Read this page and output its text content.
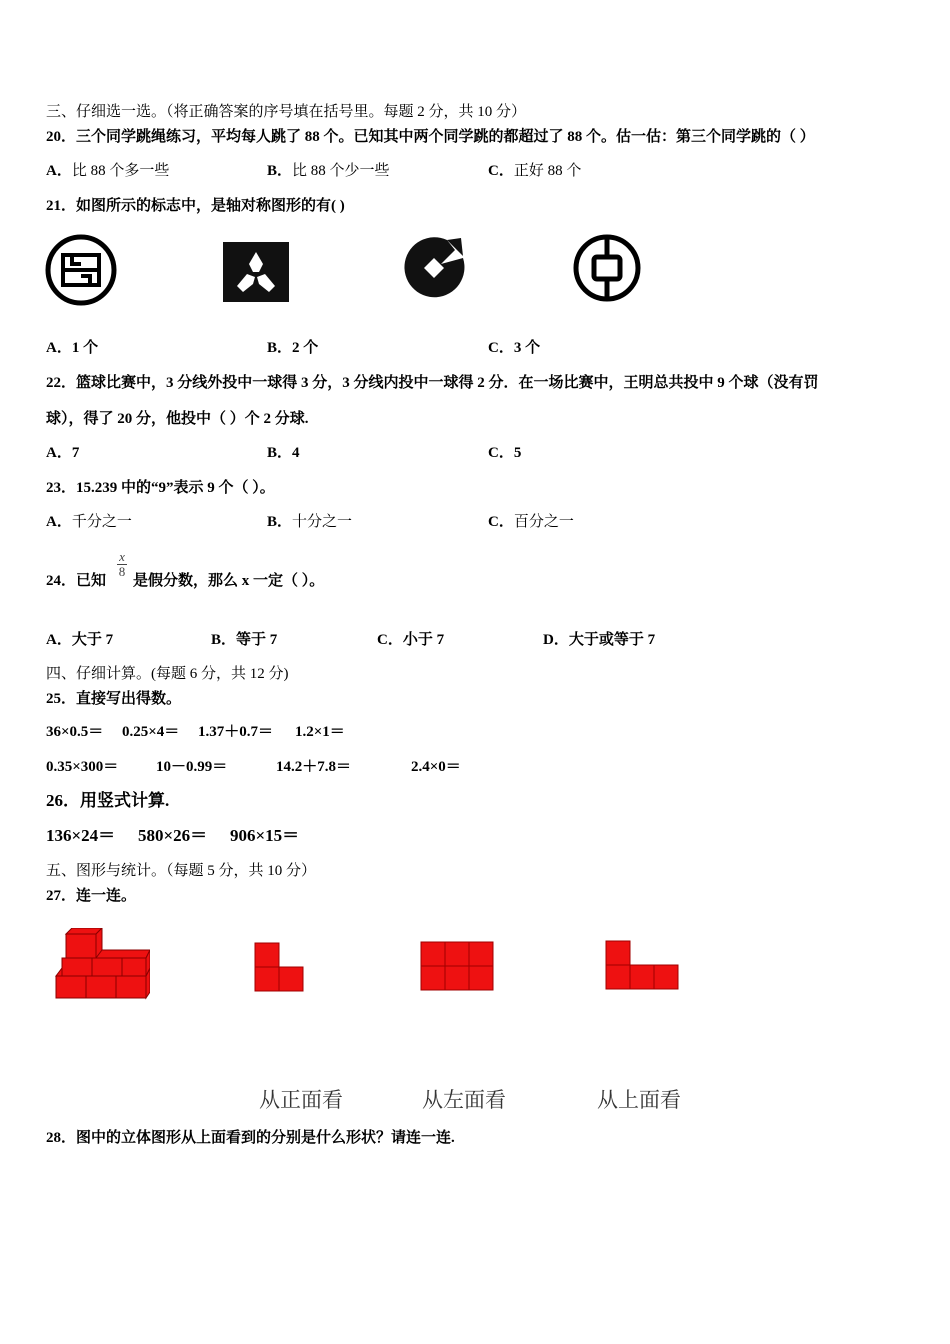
三、仔细选一选。（将正确答案的序号填在括号里。每题 2 分，共 10 分）
20．三个同学跳绳练习，平均每人跳了 88 个。已知其中两个同学跳的都超过了 88 个。估一估：第三个同学跳的（ ）
A．比 88 个多一些	B．比 88 个少一些	C．正好 88 个
21．如图所示的标志中，是轴对称图形的有( )
A．1 个	B．2 个	C．3 个
22．篮球比赛中，3 分线外投中一球得 3 分，3 分线内投中一球得 2 分．在一场比赛中，王明总共投中 9 个球（没有罚
球），得了 20 分，他投中（ ）个 2 分球.
A．7	B．4	C．5
23．15.239 中的“9”表示 9 个（ ）。
A．千分之一	B．十分之一	C．百分之一
24．已知
x
8
是假分数，那么 x 一定（ ）。
A．大于 7	B．等于 7	C．小于 7	D．大于或等于 7
四、仔细计算。(每题 6 分，共 12 分)
25．直接写出得数。
36×0.5＝ 0.25×4＝ 1.37＋0.7＝ 1.2×1＝
0.35×300＝	10－0.99＝	14.2＋7.8＝	2.4×0＝
26．用竖式计算.
136×24＝ 580×26＝ 906×15＝
五、图形与统计。（每题 5 分，共 10 分）
27．连一连。
从正面看	从左面看	从上面看
28．图中的立体图形从上面看到的分别是什么形状？请连一连.
